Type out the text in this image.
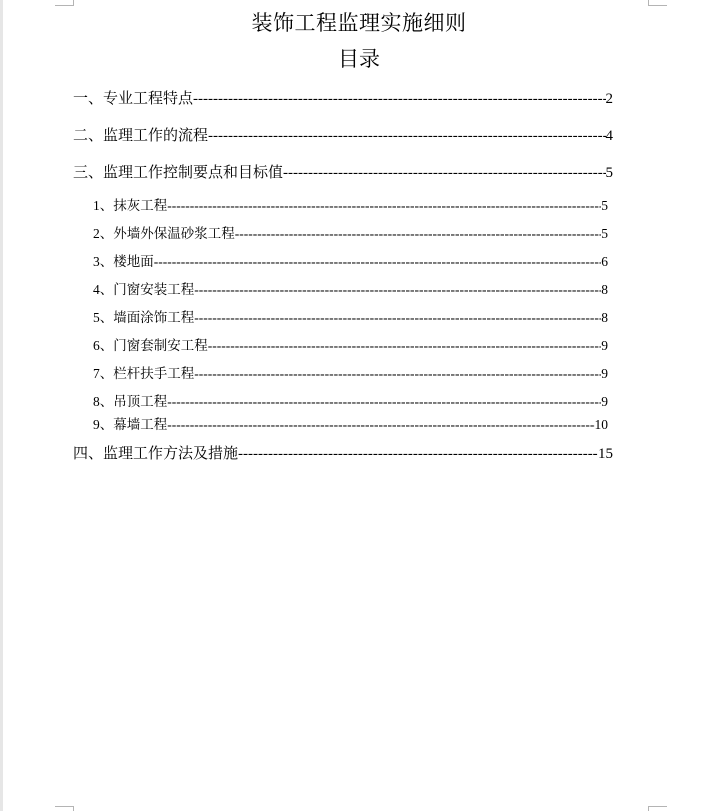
装饰工程监理实施细则
目录
一、 专业工程特点 -----	2
二、 监理工作的流程 -----	4
三、 监理工作控制要点和目标值 -----	5
1、 抹灰工程 -----	5
2、 外墙外保温砂浆工程 -----	5
3、 楼地面 -----	6
4、 门窗安装工程 -----	8
5、 墙面涂饰工程 -----	8
6、 门窗套制安工程 -----	9
7、 栏杆扶手工程 -----	9
8、 吊顶工程 -----	9
9、 幕墙工程 -----	10
四、 监理工作方法及措施 -----	15
